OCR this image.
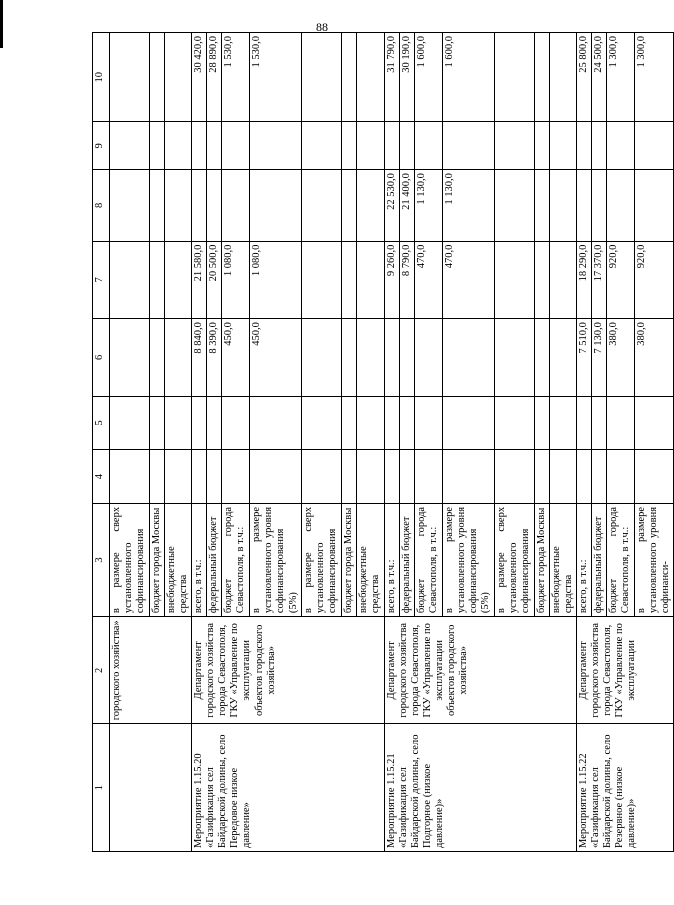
88
1	2	3	4	5	6	7	8	9	10
	городского хозяйства»	в размере сверх установленного софинансирования							
		бюджет города Москвы							
		внебюджетные средства							
Мероприятие 1.15.20 «Газификация сел Байдарской долины, село Передовое низкое давление»	Департамент городского хозяйства города Севастополя, ГКУ «Управление по эксплуатации объектов городского хозяйства»	всего, в т.ч.:			8 840,0	21 580,0			30 420,0
		федеральный бюджет			8 390,0	20 500,0			28 890,0
		бюджет города Севастополя, в т.ч.:			450,0	1 080,0			1 530,0
		в размере установленного уровня софинансирования (5%)			450,0	1 080,0			1 530,0
		в размере сверх установленного софинансирования							
		бюджет города Москвы							
		внебюджетные средства							
Мероприятие 1.15.21 «Газификация сел Байдарской долины, село Подгорное (низкое давление)»	Департамент городского хозяйства города Севастополя, ГКУ «Управление по эксплуатации объектов городского хозяйства»	всего, в т.ч.:				9 260,0	22 530,0		31 790,0
		федеральный бюджет				8 790,0	21 400,0		30 190,0
		бюджет города Севастополя, в т.ч.:				470,0	1 130,0		1 600,0
		в размере установленного уровня софинансирования (5%)				470,0	1 130,0		1 600,0
		в размере сверх установленного софинансирования							
		бюджет города Москвы							
		внебюджетные средства							
Мероприятие 1.15.22 «Газификация сел Байдарской долины, село Резервное (низкое давление)»	Департамент городского хозяйства города Севастополя, ГКУ «Управление по эксплуатации	всего, в т.ч.:			7 510,0	18 290,0			25 800,0
		федеральный бюджет			7 130,0	17 370,0			24 500,0
		бюджет города Севастополя, в т.ч.:			380,0	920,0			1 300,0
		в размере установленного уровня софинанси-			380,0	920,0			1 300,0
